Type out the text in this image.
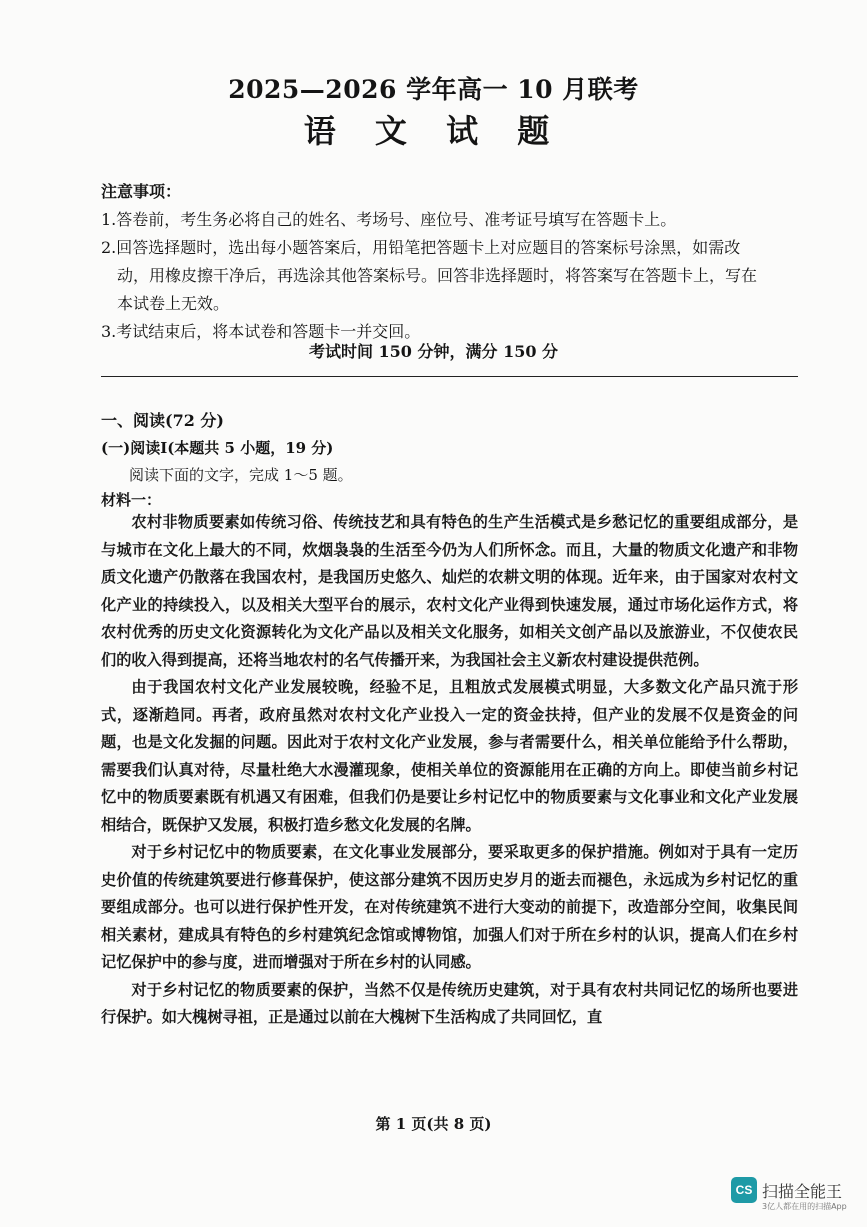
2025—2026 学年高一 10 月联考
语 文 试 题
注意事项：
1.答卷前，考生务必将自己的姓名、考场号、座位号、准考证号填写在答题卡上。
2.回答选择题时，选出每小题答案后，用铅笔把答题卡上对应题目的答案标号涂黑，如需改
动，用橡皮擦干净后，再选涂其他答案标号。回答非选择题时，将答案写在答题卡上，写在
本试卷上无效。
3.考试结束后，将本试卷和答题卡一并交回。
考试时间 150 分钟，满分 150 分
一、阅读(72 分)
(一)阅读Ⅰ(本题共 5 小题，19 分)
阅读下面的文字，完成 1～5 题。
材料一：

农村非物质要素如传统习俗、传统技艺和具有特色的生产生活模式是乡愁记忆的重要组成部分，是与城市在文化上最大的不同，炊烟袅袅的生活至今仍为人们所怀念。而且，大量的物质文化遗产和非物质文化遗产仍散落在我国农村，是我国历史悠久、灿烂的农耕文明的体现。近年来，由于国家对农村文化产业的持续投入，以及相关大型平台的展示，农村文化产业得到快速发展，通过市场化运作方式，将农村优秀的历史文化资源转化为文化产品以及相关文化服务，如相关文创产品以及旅游业，不仅使农民们的收入得到提高，还将当地农村的名气传播开来，为我国社会主义新农村建设提供范例。

由于我国农村文化产业发展较晚，经验不足，且粗放式发展模式明显，大多数文化产品只流于形式，逐渐趋同。再者，政府虽然对农村文化产业投入一定的资金扶持，但产业的发展不仅是资金的问题，也是文化发掘的问题。因此对于农村文化产业发展，参与者需要什么，相关单位能给予什么帮助，需要我们认真对待，尽量杜绝大水漫灌现象，使相关单位的资源能用在正确的方向上。即使当前乡村记忆中的物质要素既有机遇又有困难，但我们仍是要让乡村记忆中的物质要素与文化事业和文化产业发展相结合，既保护又发展，积极打造乡愁文化发展的名牌。

对于乡村记忆中的物质要素，在文化事业发展部分，要采取更多的保护措施。例如对于具有一定历史价值的传统建筑要进行修葺保护，使这部分建筑不因历史岁月的逝去而褪色，永远成为乡村记忆的重要组成部分。也可以进行保护性开发，在对传统建筑不进行大变动的前提下，改造部分空间，收集民间相关素材，建成具有特色的乡村建筑纪念馆或博物馆，加强人们对于所在乡村的认识，提高人们在乡村记忆保护中的参与度，进而增强对于所在乡村的认同感。

对于乡村记忆的物质要素的保护，当然不仅是传统历史建筑，对于具有农村共同记忆的场所也要进行保护。如大槐树寻祖，正是通过以前在大槐树下生活构成了共同回忆，直

第 1 页(共 8 页)
CS 扫描全能王
3亿人都在用的扫描App
